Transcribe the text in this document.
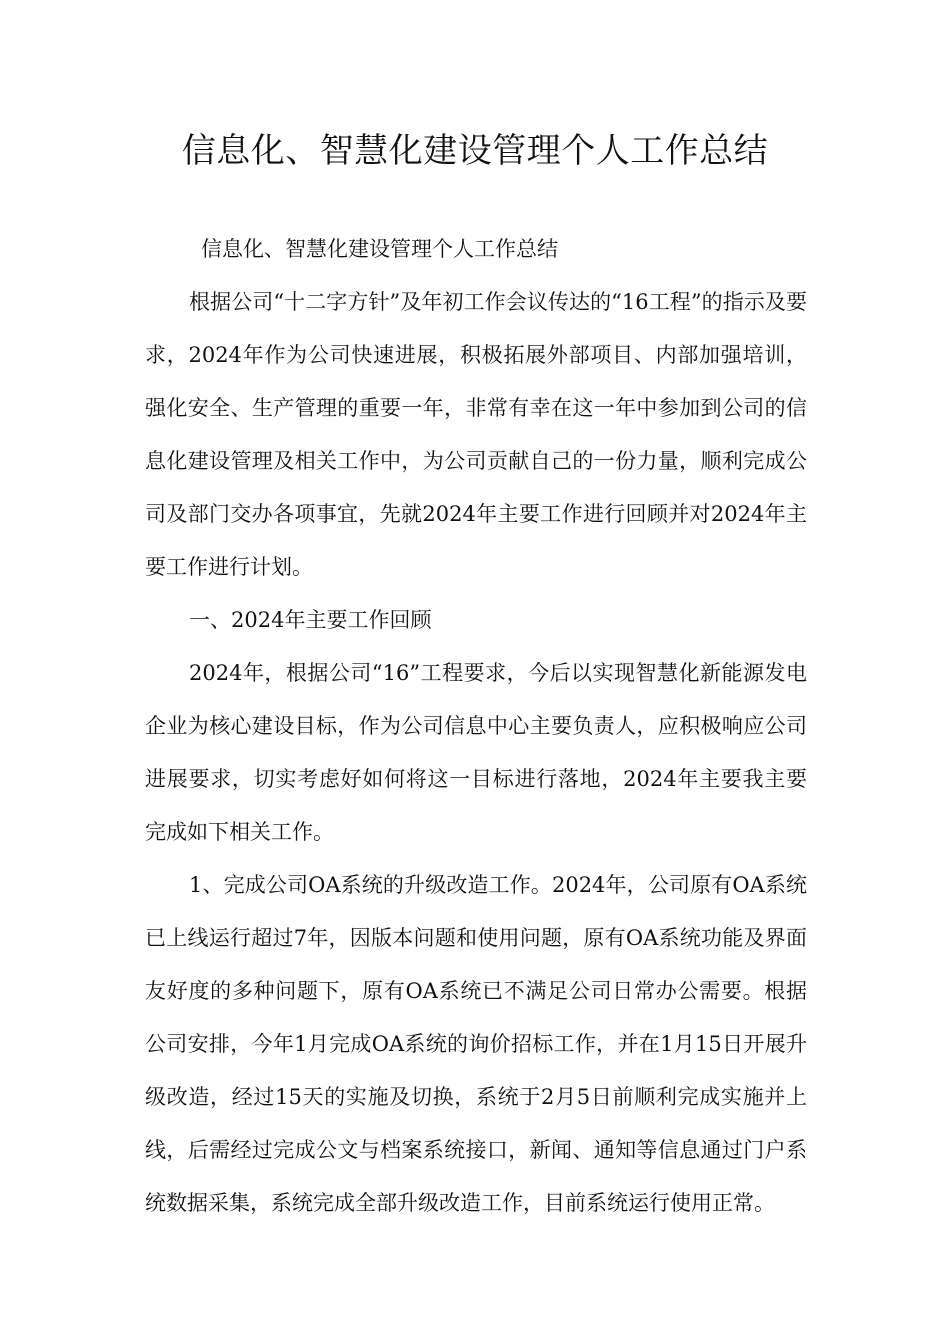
信息化、智慧化建设管理个人工作总结

信息化、智慧化建设管理个人工作总结

根据公司“十二字方针”及年初工作会议传达的“16工程”的指示及要求，2024年作为公司快速进展，积极拓展外部项目、内部加强培训，强化安全、生产管理的重要一年，非常有幸在这一年中参加到公司的信息化建设管理及相关工作中，为公司贡献自己的一份力量，顺利完成公司及部门交办各项事宜，先就2024年主要工作进行回顾并对2024年主要工作进行计划。

一、2024年主要工作回顾

2024年，根据公司“16”工程要求，今后以实现智慧化新能源发电企业为核心建设目标，作为公司信息中心主要负责人，应积极响应公司进展要求，切实考虑好如何将这一目标进行落地，2024年主要我主要完成如下相关工作。

1、完成公司OA系统的升级改造工作。2024年，公司原有OA系统已上线运行超过7年，因版本问题和使用问题，原有OA系统功能及界面友好度的多种问题下，原有OA系统已不满足公司日常办公需要。根据公司安排，今年1月完成OA系统的询价招标工作，并在1月15日开展升级改造，经过15天的实施及切换，系统于2月5日前顺利完成实施并上线，后需经过完成公文与档案系统接口，新闻、通知等信息通过门户系统数据采集，系统完成全部升级改造工作，目前系统运行使用正常。
